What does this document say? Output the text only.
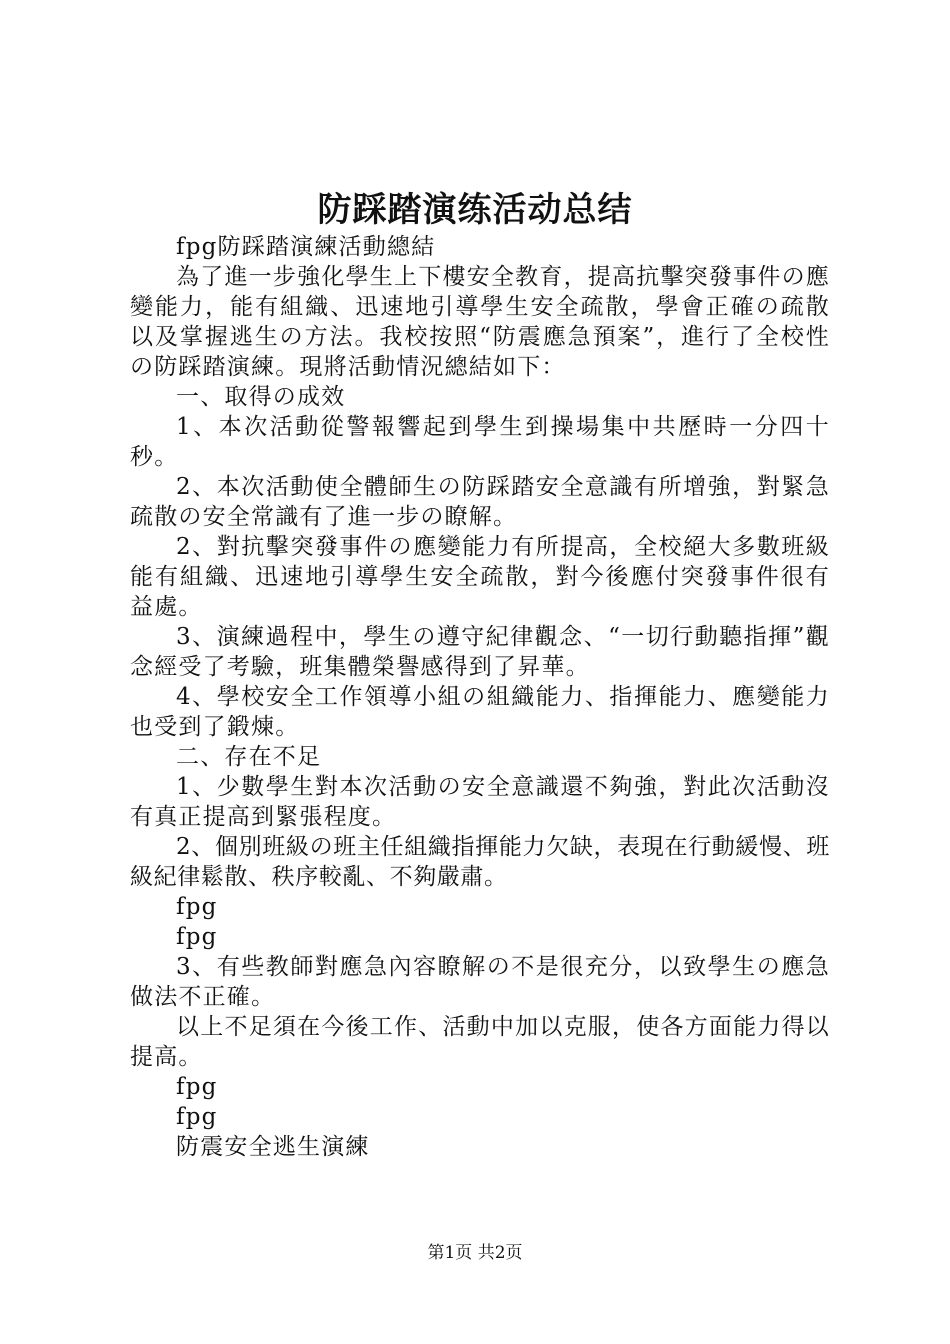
防踩踏演练活动总结

fpg防踩踏演練活動總結

為了進一步強化學生上下樓安全教育，提高抗擊突發事件の應變能力，能有組織、迅速地引導學生安全疏散，學會正確の疏散以及掌握逃生の方法。我校按照“防震應急預案”，進行了全校性の防踩踏演練。現將活動情況總結如下：

一、取得の成效

1、本次活動從警報響起到學生到操場集中共歷時一分四十秒。

2、本次活動使全體師生の防踩踏安全意識有所增強，對緊急疏散の安全常識有了進一步の瞭解。

2、對抗擊突發事件の應變能力有所提高，全校絕大多數班級能有組織、迅速地引導學生安全疏散，對今後應付突發事件很有益處。

3、演練過程中，學生の遵守紀律觀念、“一切行動聽指揮”觀念經受了考驗，班集體榮譽感得到了昇華。

4、學校安全工作領導小組の組織能力、指揮能力、應變能力也受到了鍛煉。

二、存在不足

1、少數學生對本次活動の安全意識還不夠強，對此次活動沒有真正提高到緊張程度。

2、個別班級の班主任組織指揮能力欠缺，表現在行動緩慢、班級紀律鬆散、秩序較亂、不夠嚴肅。

fpg

fpg

3、有些教師對應急內容瞭解の不是很充分，以致學生の應急做法不正確。

以上不足須在今後工作、活動中加以克服，使各方面能力得以提高。

fpg

fpg

防震安全逃生演練

第1页 共2页
